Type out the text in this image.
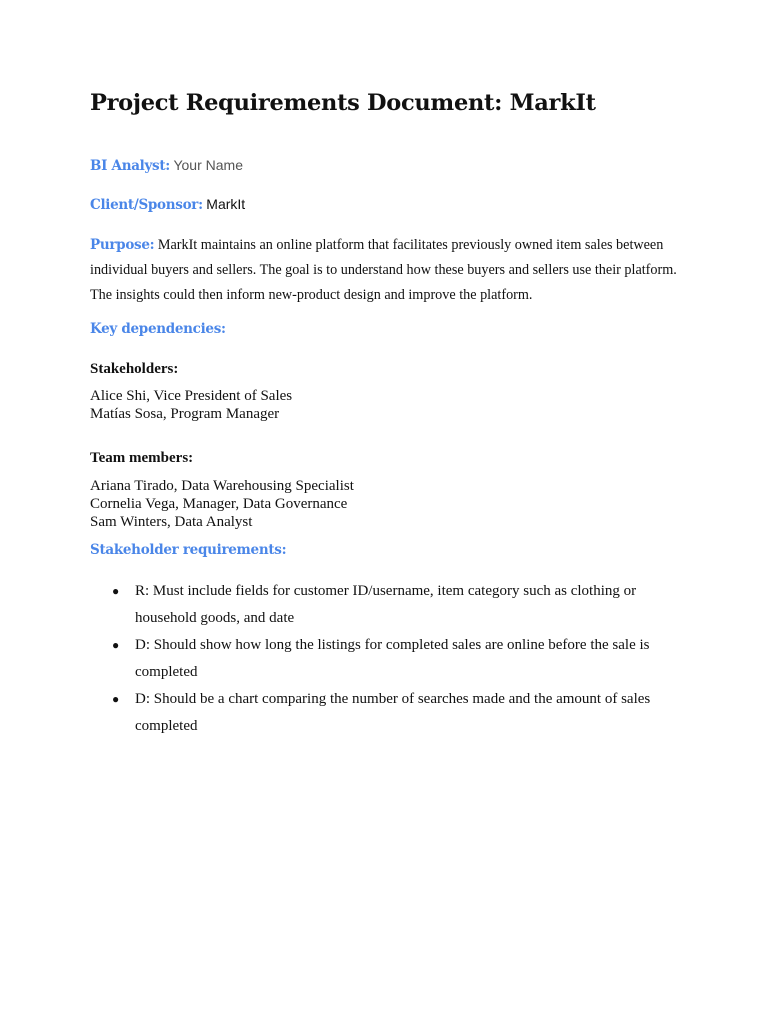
Project Requirements Document: MarkIt
BI Analyst: Your Name
Client/Sponsor: MarkIt

Purpose: MarkIt maintains an online platform that facilitates previously owned item sales between individual buyers and sellers. The goal is to understand how these buyers and sellers use their platform. The insights could then inform new-product design and improve the platform.

Key dependencies:
Stakeholders:
Alice Shi, Vice President of Sales
Matías Sosa, Program Manager
Team members:
Ariana Tirado, Data Warehousing Specialist
Cornelia Vega, Manager, Data Governance
Sam Winters, Data Analyst
Stakeholder requirements:
● R: Must include fields for customer ID/username, item category such as clothing or household goods, and date
● D: Should show how long the listings for completed sales are online before the sale is completed
● D: Should be a chart comparing the number of searches made and the amount of sales completed
